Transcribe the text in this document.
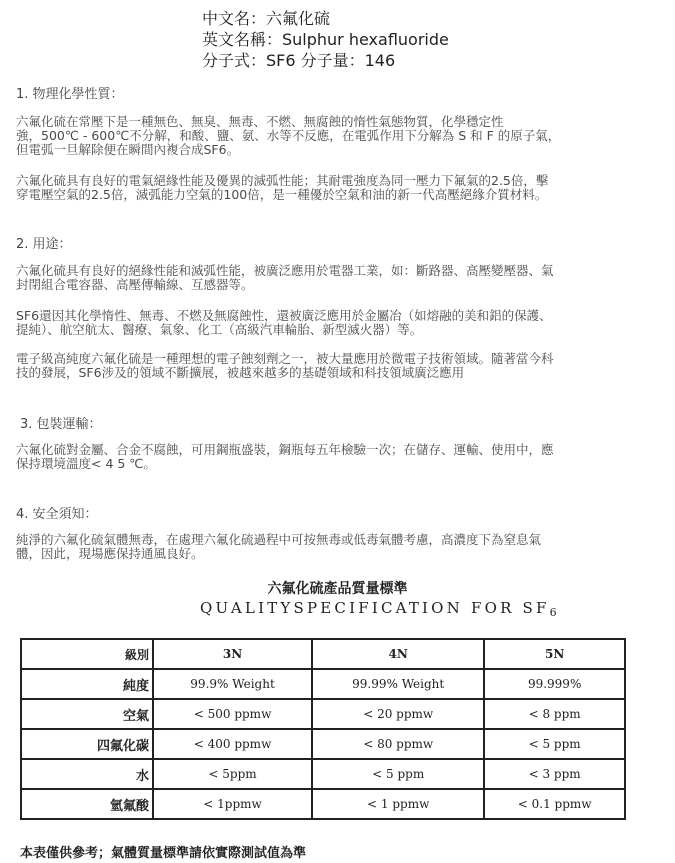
中文名：六氟化硫
英文名稱：Sulphur hexafluoride
分子式：SF6 分子量：146
1. 物理化學性質：
六氟化硫在常壓下是一種無色、無臭、無毒、不燃、無腐蝕的惰性氣態物質，化學穩定性
強，500℃ - 600℃不分解，和酸、鹽、氨、水等不反應，在電弧作用下分解為 S 和 F 的原子氣，
但電弧一旦解除便在瞬間內複合成SF6。
六氟化硫具有良好的電氣絕緣性能及優異的滅弧性能；其耐電強度為同一壓力下氟氣的2.5倍，擊
穿電壓空氣的2.5倍，滅弧能力空氣的100倍，是一種優於空氣和油的新一代高壓絕緣介質材料。
2. 用途：
六氟化硫具有良好的絕緣性能和滅弧性能，被廣泛應用於電器工業，如：斷路器、高壓變壓器、氣
封閉組合電容器、高壓傳輸線、互感器等。
SF6還因其化學惰性、無毒、不燃及無腐蝕性，還被廣泛應用於金屬冶（如熔融的美和鋁的保護、
提純）、航空航太、醫療、氣象、化工（高級汽車輪胎、新型滅火器）等。
電子級高純度六氟化硫是一種理想的電子蝕刻劑之一，被大量應用於微電子技術領域。隨著當今科
技的發展，SF6涉及的領域不斷擴展，被越來越多的基礎領域和科技領域廣泛應用
3. 包裝運輸：
六氟化硫對金屬、合金不腐蝕，可用鋼瓶盛裝，鋼瓶每五年檢驗一次；在儲存、運輸、使用中，應
保持環境溫度< 4 5 ℃。
4. 安全須知：
純淨的六氟化硫氣體無毒，在處理六氟化硫過程中可按無毒或低毒氣體考慮，高濃度下為窒息氣
體，因此，現場應保持通風良好。
六氟化硫產品質量標準
QUALITYSPECIFICATION FOR $SF_6$
級別	3N	4N	5N
純度	99.9% Weight	99.99% Weight	99.999%
空氣	< 500 ppmw	< 20 ppmw	< 8 ppm
四氟化碳	< 400 ppmw	< 80 ppmw	< 5 ppm
水	< 5ppm	< 5 ppm	< 3 ppm
氫氟酸	< 1ppmw	< 1 ppmw	< 0.1 ppmw
本表僅供參考；氣體質量標準請依實際測試值為準
